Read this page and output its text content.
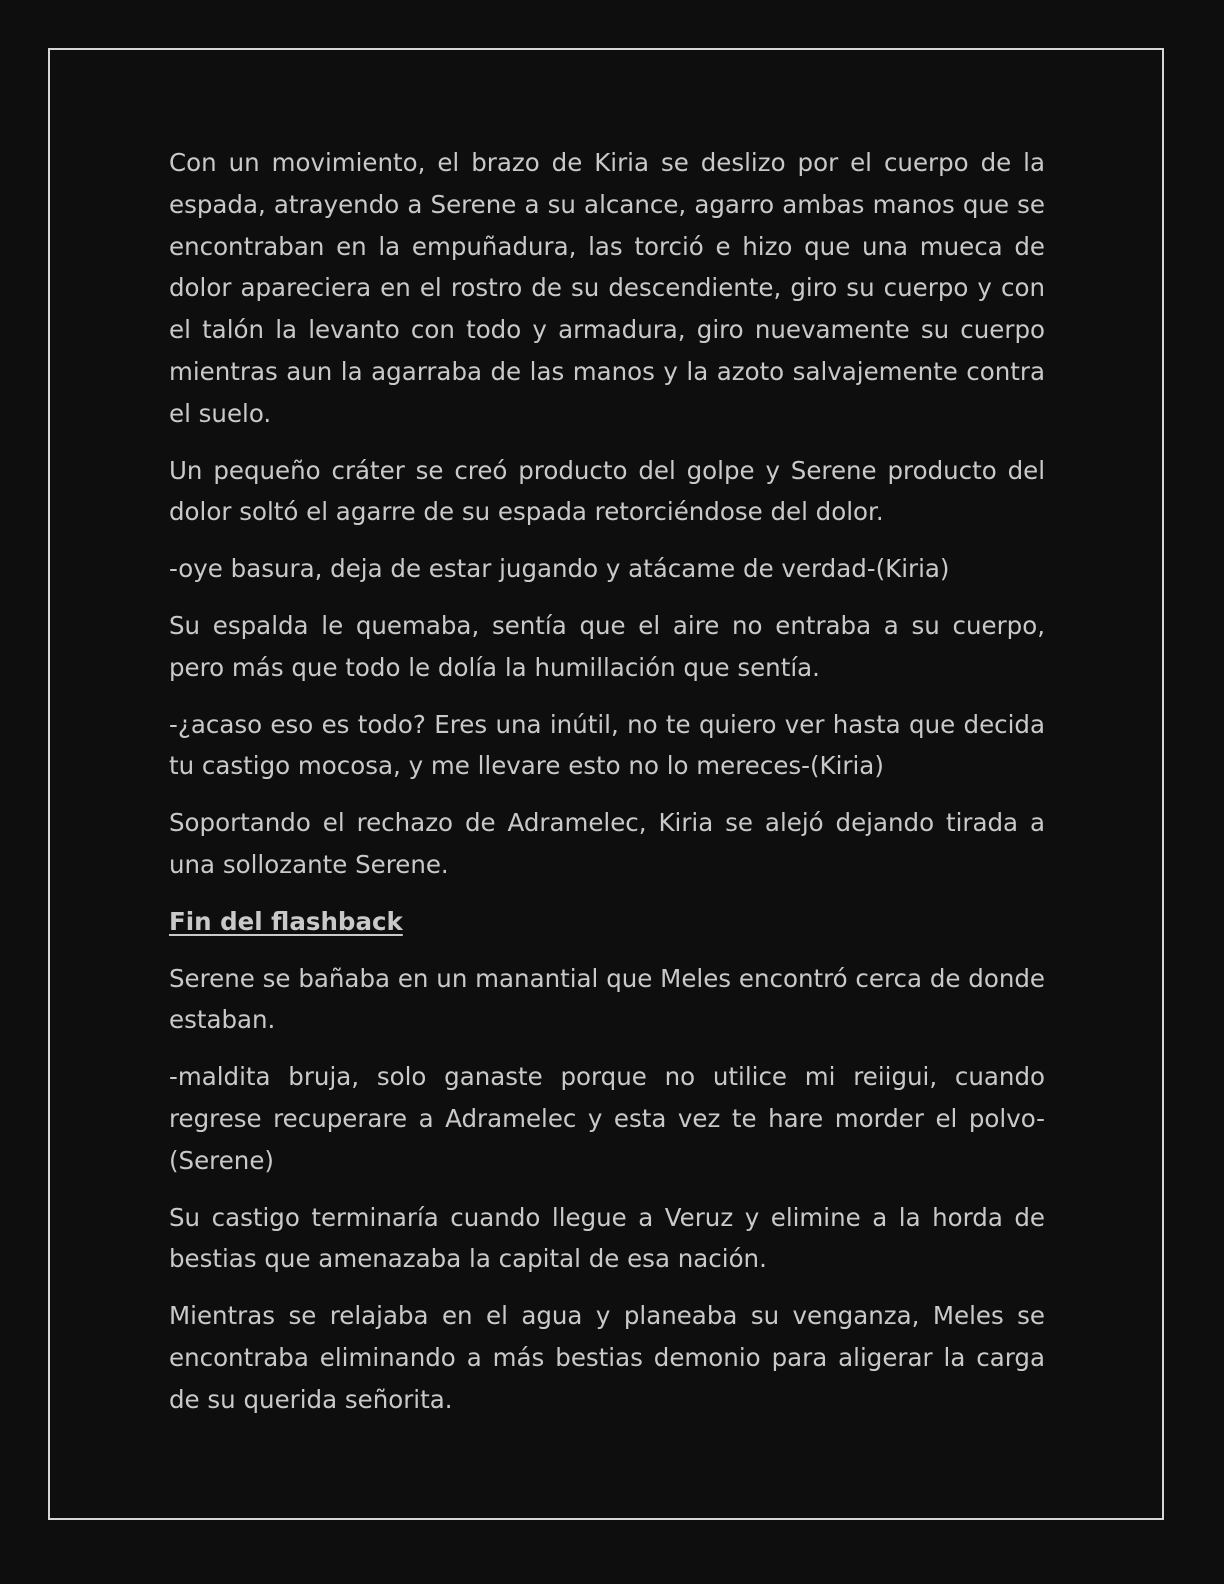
Con un movimiento, el brazo de Kiria se deslizo por el cuerpo de la espada, atrayendo a Serene a su alcance, agarro ambas manos que se encontraban en la empuñadura, las torció e hizo que una mueca de dolor apareciera en el rostro de su descendiente, giro su cuerpo y con el talón la levanto con todo y armadura, giro nuevamente su cuerpo mientras aun la agarraba de las manos y la azoto salvajemente contra el suelo.

Un pequeño cráter se creó producto del golpe y Serene producto del dolor soltó el agarre de su espada retorciéndose del dolor.

-oye basura, deja de estar jugando y atácame de verdad-(Kiria)

Su espalda le quemaba, sentía que el aire no entraba a su cuerpo, pero más que todo le dolía la humillación que sentía.

-¿acaso eso es todo? Eres una inútil, no te quiero ver hasta que decida tu castigo mocosa, y me llevare esto no lo mereces-(Kiria)

Soportando el rechazo de Adramelec, Kiria se alejó dejando tirada a una sollozante Serene.

Fin del flashback

Serene se bañaba en un manantial que Meles encontró cerca de donde estaban.

-maldita bruja, solo ganaste porque no utilice mi reiigui, cuando regrese recuperare a Adramelec y esta vez te hare morder el polvo-(Serene)

Su castigo terminaría cuando llegue a Veruz y elimine a la horda de bestias que amenazaba la capital de esa nación.

Mientras se relajaba en el agua y planeaba su venganza, Meles se encontraba eliminando a más bestias demonio para aligerar la carga de su querida señorita.
